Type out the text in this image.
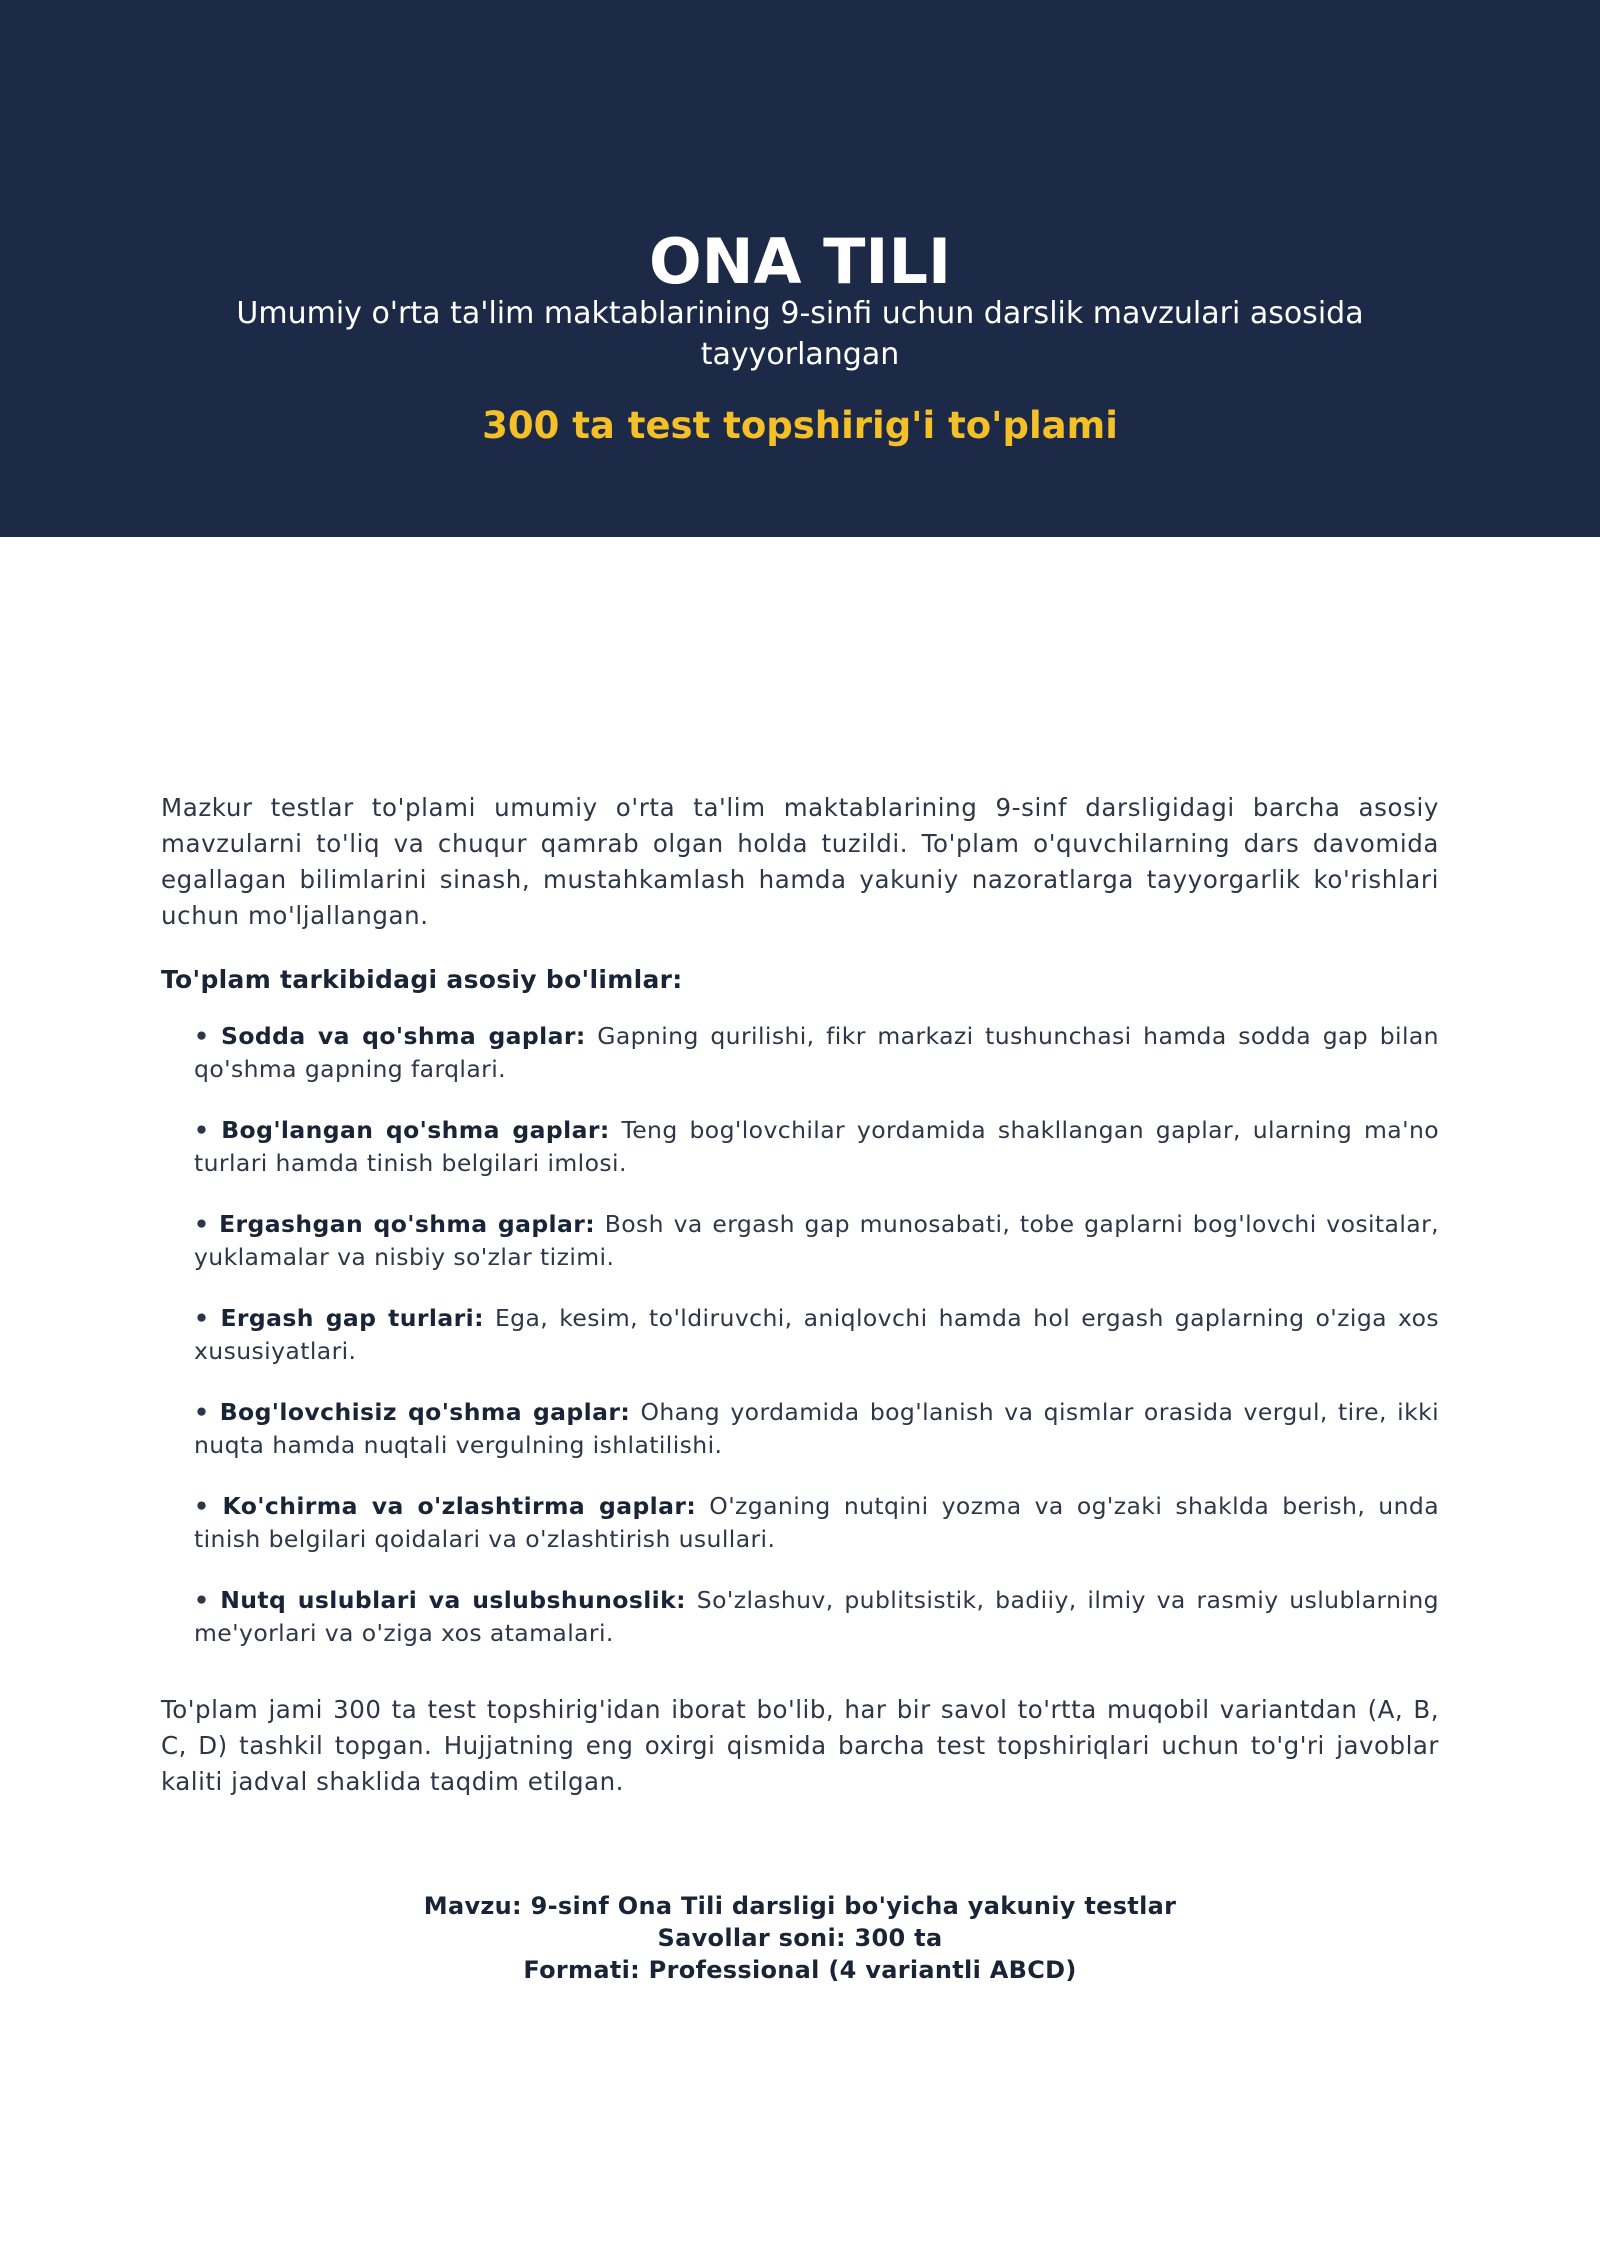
ONA TILI

Umumiy o'rta ta'lim maktablarining 9-sinfi uchun darslik mavzulari asosida tayyorlangan

300 ta test topshirig'i to'plami

Mazkur testlar to'plami umumiy o'rta ta'lim maktablarining 9-sinf darsligidagi barcha asosiy mavzularni to'liq va chuqur qamrab olgan holda tuzildi. To'plam o'quvchilarning dars davomida egallagan bilimlarini sinash, mustahkamlash hamda yakuniy nazoratlarga tayyorgarlik ko'rishlari uchun mo'ljallangan.

To'plam tarkibidagi asosiy bo'limlar:
• Sodda va qo'shma gaplar: Gapning qurilishi, fikr markazi tushunchasi hamda sodda gap bilan qo'shma gapning farqlari.
• Bog'langan qo'shma gaplar: Teng bog'lovchilar yordamida shakllangan gaplar, ularning ma'no turlari hamda tinish belgilari imlosi.
• Ergashgan qo'shma gaplar: Bosh va ergash gap munosabati, tobe gaplarni bog'lovchi vositalar, yuklamalar va nisbiy so'zlar tizimi.
• Ergash gap turlari: Ega, kesim, to'ldiruvchi, aniqlovchi hamda hol ergash gaplarning o'ziga xos xususiyatlari.
• Bog'lovchisiz qo'shma gaplar: Ohang yordamida bog'lanish va qismlar orasida vergul, tire, ikki nuqta hamda nuqtali vergulning ishlatilishi.
• Ko'chirma va o'zlashtirma gaplar: O'zganing nutqini yozma va og'zaki shaklda berish, unda tinish belgilari qoidalari va o'zlashtirish usullari.
• Nutq uslublari va uslubshunoslik: So'zlashuv, publitsistik, badiiy, ilmiy va rasmiy uslublarning me'yorlari va o'ziga xos atamalari.

To'plam jami 300 ta test topshirig'idan iborat bo'lib, har bir savol to'rtta muqobil variantdan (A, B, C, D) tashkil topgan. Hujjatning eng oxirgi qismida barcha test topshiriqlari uchun to'g'ri javoblar kaliti jadval shaklida taqdim etilgan.

Mavzu: 9-sinf Ona Tili darsligi bo'yicha yakuniy testlar
Savollar soni: 300 ta
Formati: Professional (4 variantli ABCD)
